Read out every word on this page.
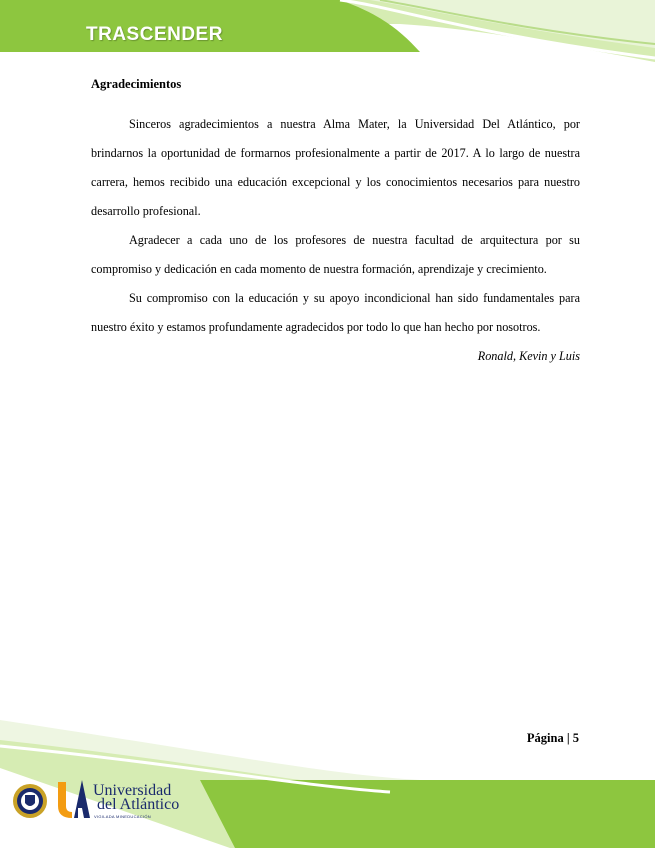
TRASCENDER
Agradecimientos

Sinceros agradecimientos a nuestra Alma Mater, la Universidad Del Atlántico, por brindarnos la oportunidad de formarnos profesionalmente a partir de 2017. A lo largo de nuestra carrera, hemos recibido una educación excepcional y los conocimientos necesarios para nuestro desarrollo profesional.

Agradecer a cada uno de los profesores de nuestra facultad de arquitectura por su compromiso y dedicación en cada momento de nuestra formación, aprendizaje y crecimiento.

Su compromiso con la educación y su apoyo incondicional han sido fundamentales para nuestro éxito y estamos profundamente agradecidos por todo lo que han hecho por nosotros.

Ronald, Kevin y Luis

Página | 5
Universidad
del Atlántico
VIGILADA MINEDUCACIÓN
